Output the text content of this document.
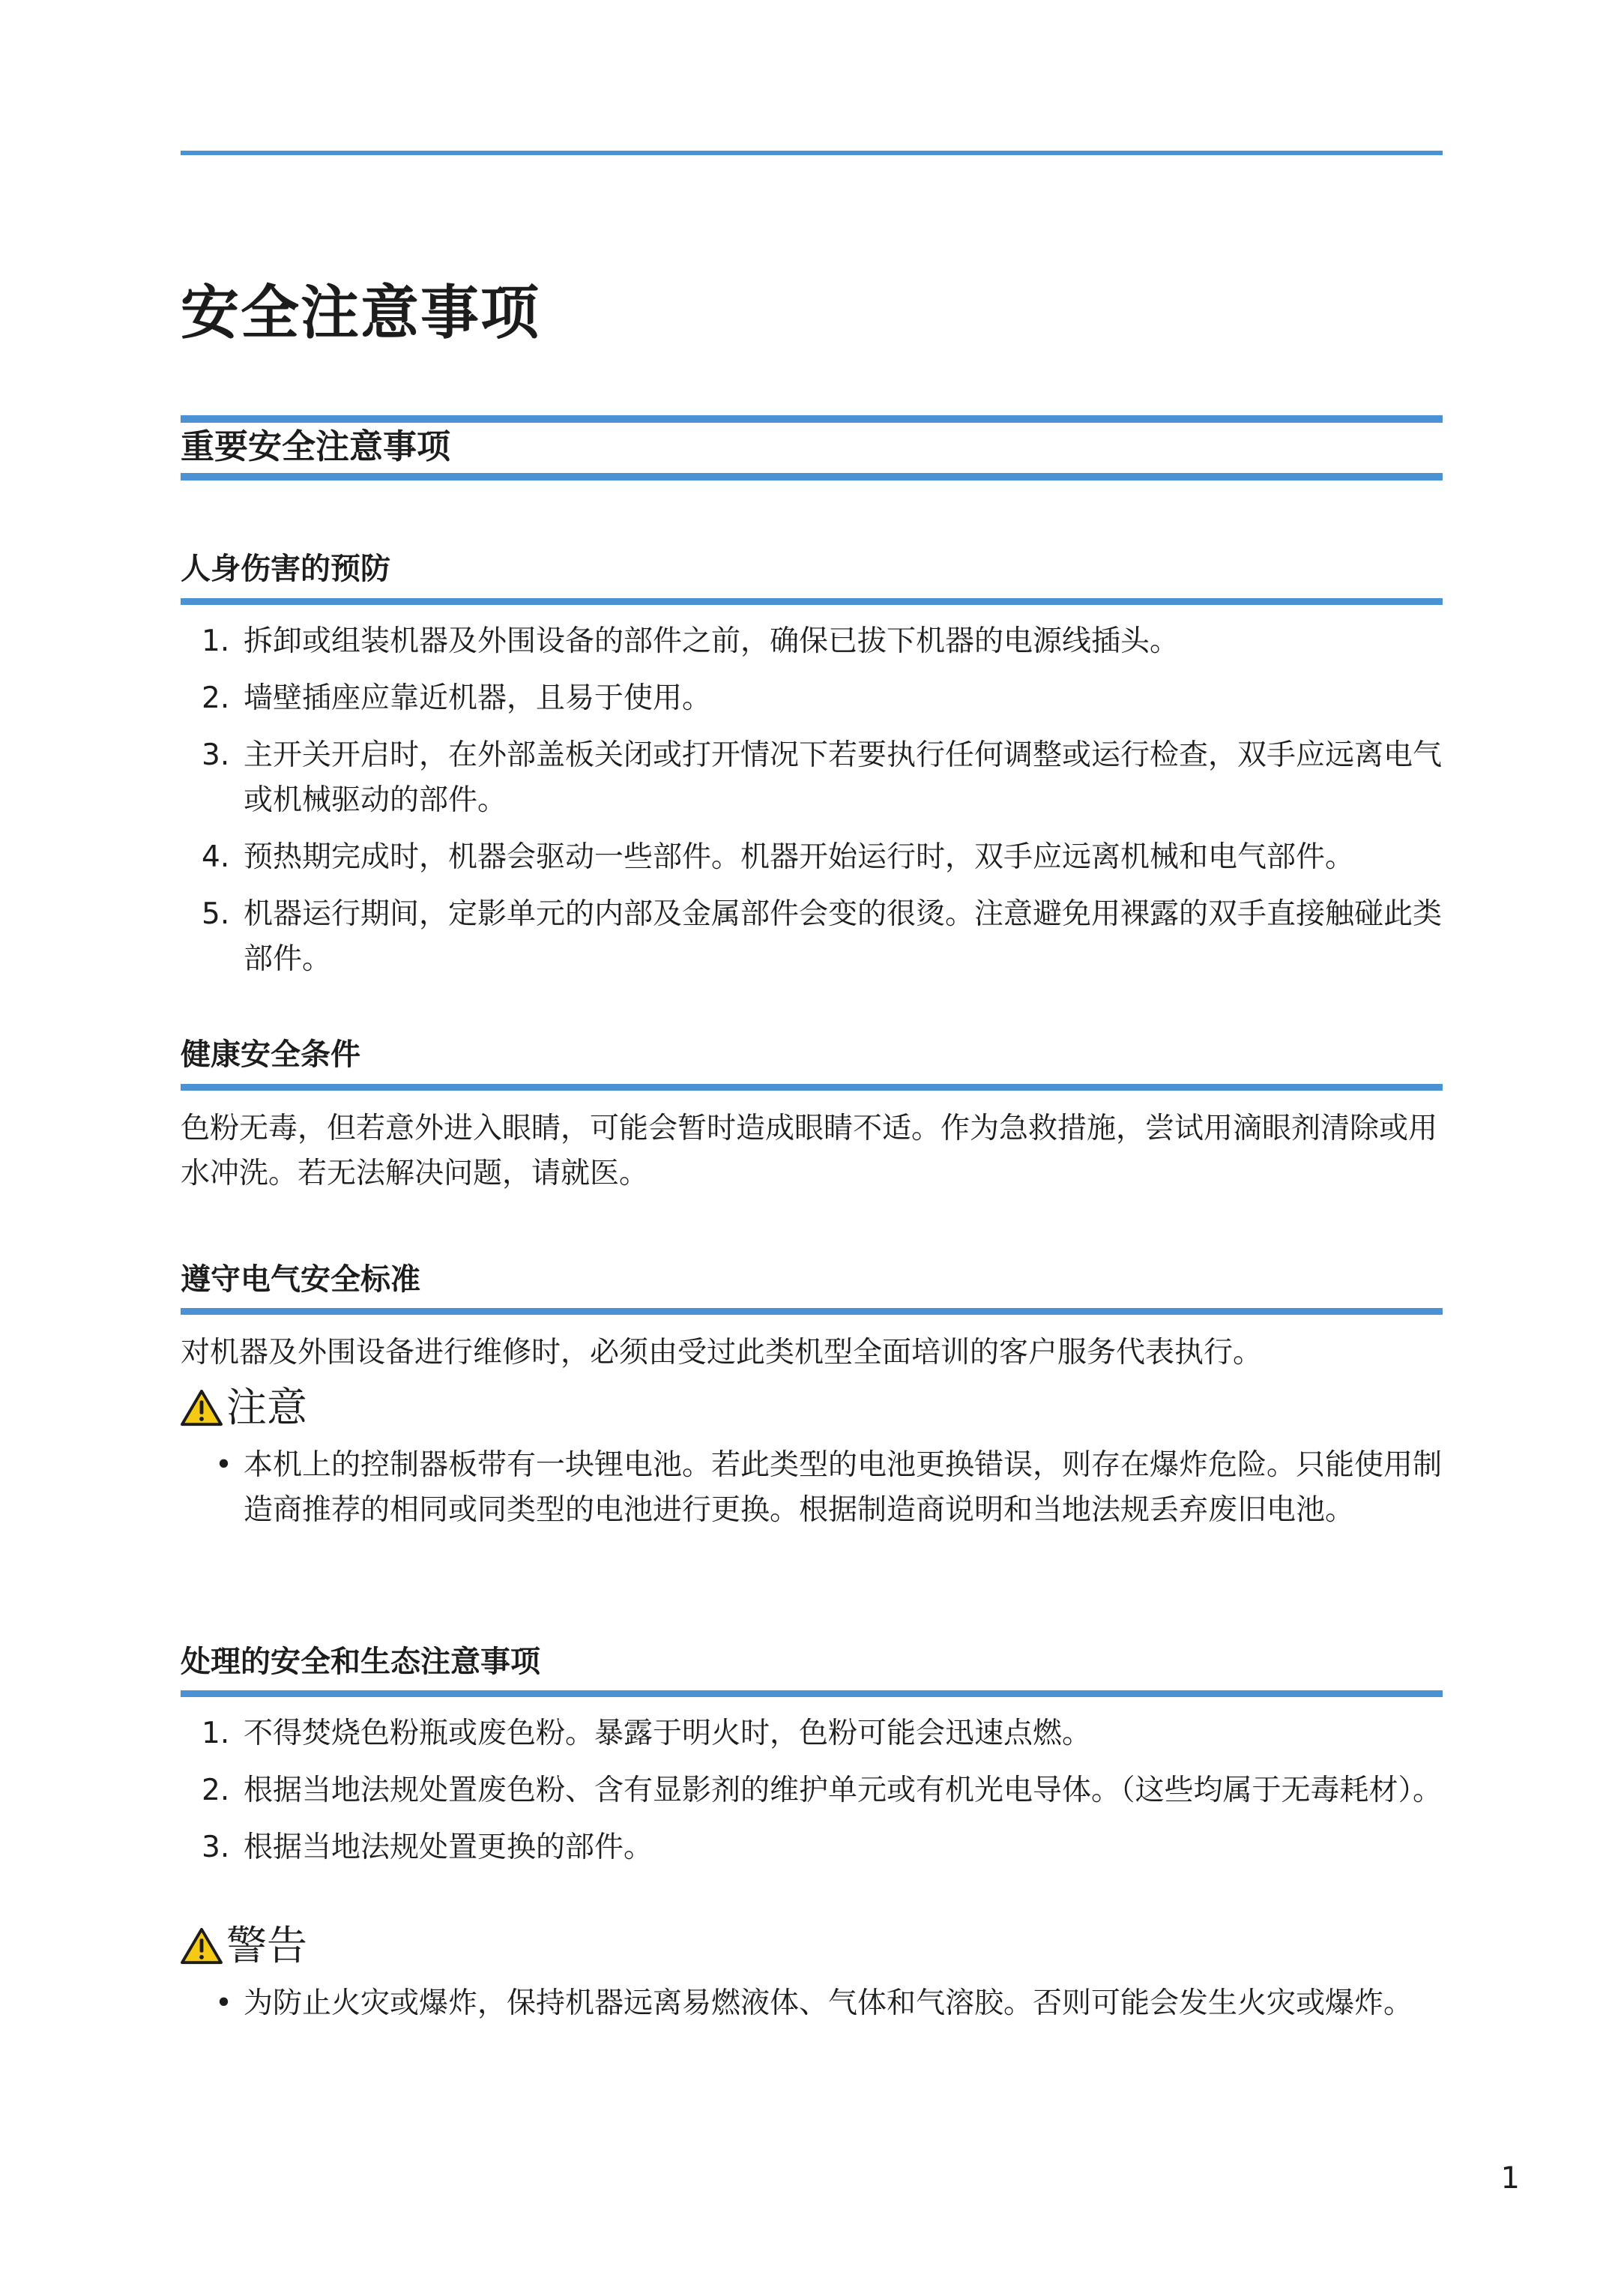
安全注意事项
重要安全注意事项
人身伤害的预防
1. 拆卸或组装机器及外围设备的部件之前，确保已拔下机器的电源线插头。
2. 墙壁插座应靠近机器，且易于使用。
3. 主开关开启时，在外部盖板关闭或打开情况下若要执行任何调整或运行检查，双手应远离电气或机械驱动的部件。
4. 预热期完成时，机器会驱动一些部件。机器开始运行时，双手应远离机械和电气部件。
5. 机器运行期间，定影单元的内部及金属部件会变的很烫。注意避免用裸露的双手直接触碰此类部件。
健康安全条件

色粉无毒，但若意外进入眼睛，可能会暂时造成眼睛不适。作为急救措施，尝试用滴眼剂清除或用水冲洗。若无法解决问题，请就医。

遵守电气安全标准

对机器及外围设备进行维修时，必须由受过此类机型全面培训的客户服务代表执行。

注意
• 本机上的控制器板带有一块锂电池。若此类型的电池更换错误，则存在爆炸危险。只能使用制造商推荐的相同或同类型的电池进行更换。根据制造商说明和当地法规丢弃废旧电池。
处理的安全和生态注意事项
1. 不得焚烧色粉瓶或废色粉。暴露于明火时，色粉可能会迅速点燃。
2. 根据当地法规处置废色粉、含有显影剂的维护单元或有机光电导体。（这些均属于无毒耗材）。
3. 根据当地法规处置更换的部件。
警告
• 为防止火灾或爆炸，保持机器远离易燃液体、气体和气溶胶。否则可能会发生火灾或爆炸。
1
